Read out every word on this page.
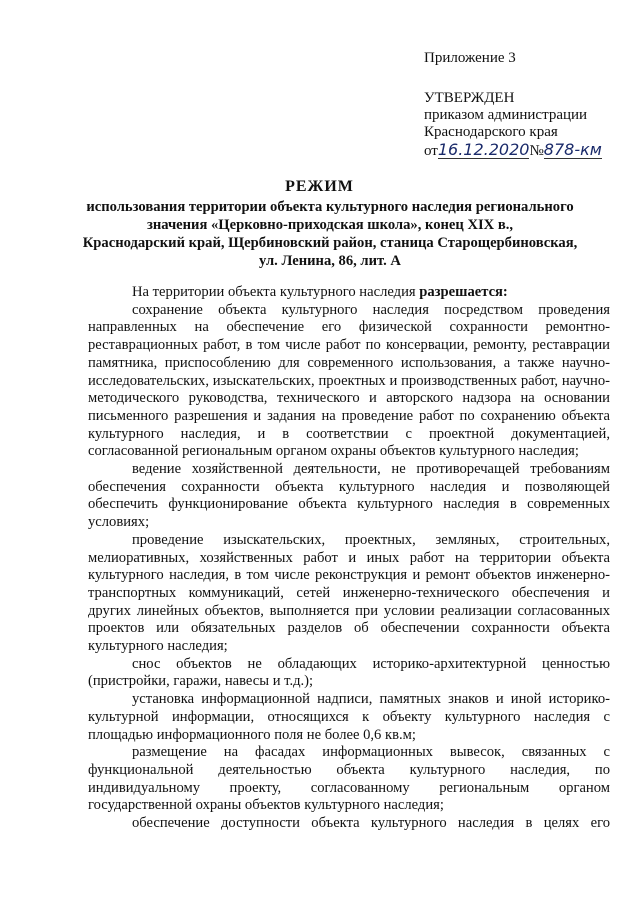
Приложение 3
УТВЕРЖДЕН
приказом администрации
Краснодарского края
от16.12.2020№878-км
РЕЖИМ
использования территории объекта культурного наследия регионального
значения «Церковно-приходская школа», конец XIX в.,
Краснодарский край, Щербиновский район, станица Старощербиновская,
ул. Ленина, 86, лит. А

На территории объекта культурного наследия разрешается:

сохранение объекта культурного наследия посредством проведения направленных на обеспечение его физической сохранности ремонтно-реставрационных работ, в том числе работ по консервации, ремонту, реставрации памятника, приспособлению для современного использования, а также научно-исследовательских, изыскательских, проектных и производственных работ, научно-методического руководства, технического и авторского надзора на основании письменного разрешения и задания на проведение работ по сохранению объекта культурного наследия, и в соответствии с проектной документацией, согласованной региональным органом охраны объектов культурного наследия;

ведение хозяйственной деятельности, не противоречащей требованиям обеспечения сохранности объекта культурного наследия и позволяющей обеспечить функционирование объекта культурного наследия в современных условиях;

проведение изыскательских, проектных, земляных, строительных, мелиоративных, хозяйственных работ и иных работ на территории объекта культурного наследия, в том числе реконструкция и ремонт объектов инженерно-транспортных коммуникаций, сетей инженерно-технического обеспечения и других линейных объектов, выполняется при условии реализации согласованных проектов или обязательных разделов об обеспечении сохранности объекта культурного наследия;

снос объектов не обладающих историко-архитектурной ценностью (пристройки, гаражи, навесы и т.д.);

установка информационной надписи, памятных знаков и иной историко-культурной информации, относящихся к объекту культурного наследия с площадью информационного поля не более 0,6 кв.м;

размещение на фасадах информационных вывесок, связанных с функциональной деятельностью объекта культурного наследия, по индивидуальному проекту, согласованному региональным органом государственной охраны объектов культурного наследия;

обеспечение доступности объекта культурного наследия в целях его
